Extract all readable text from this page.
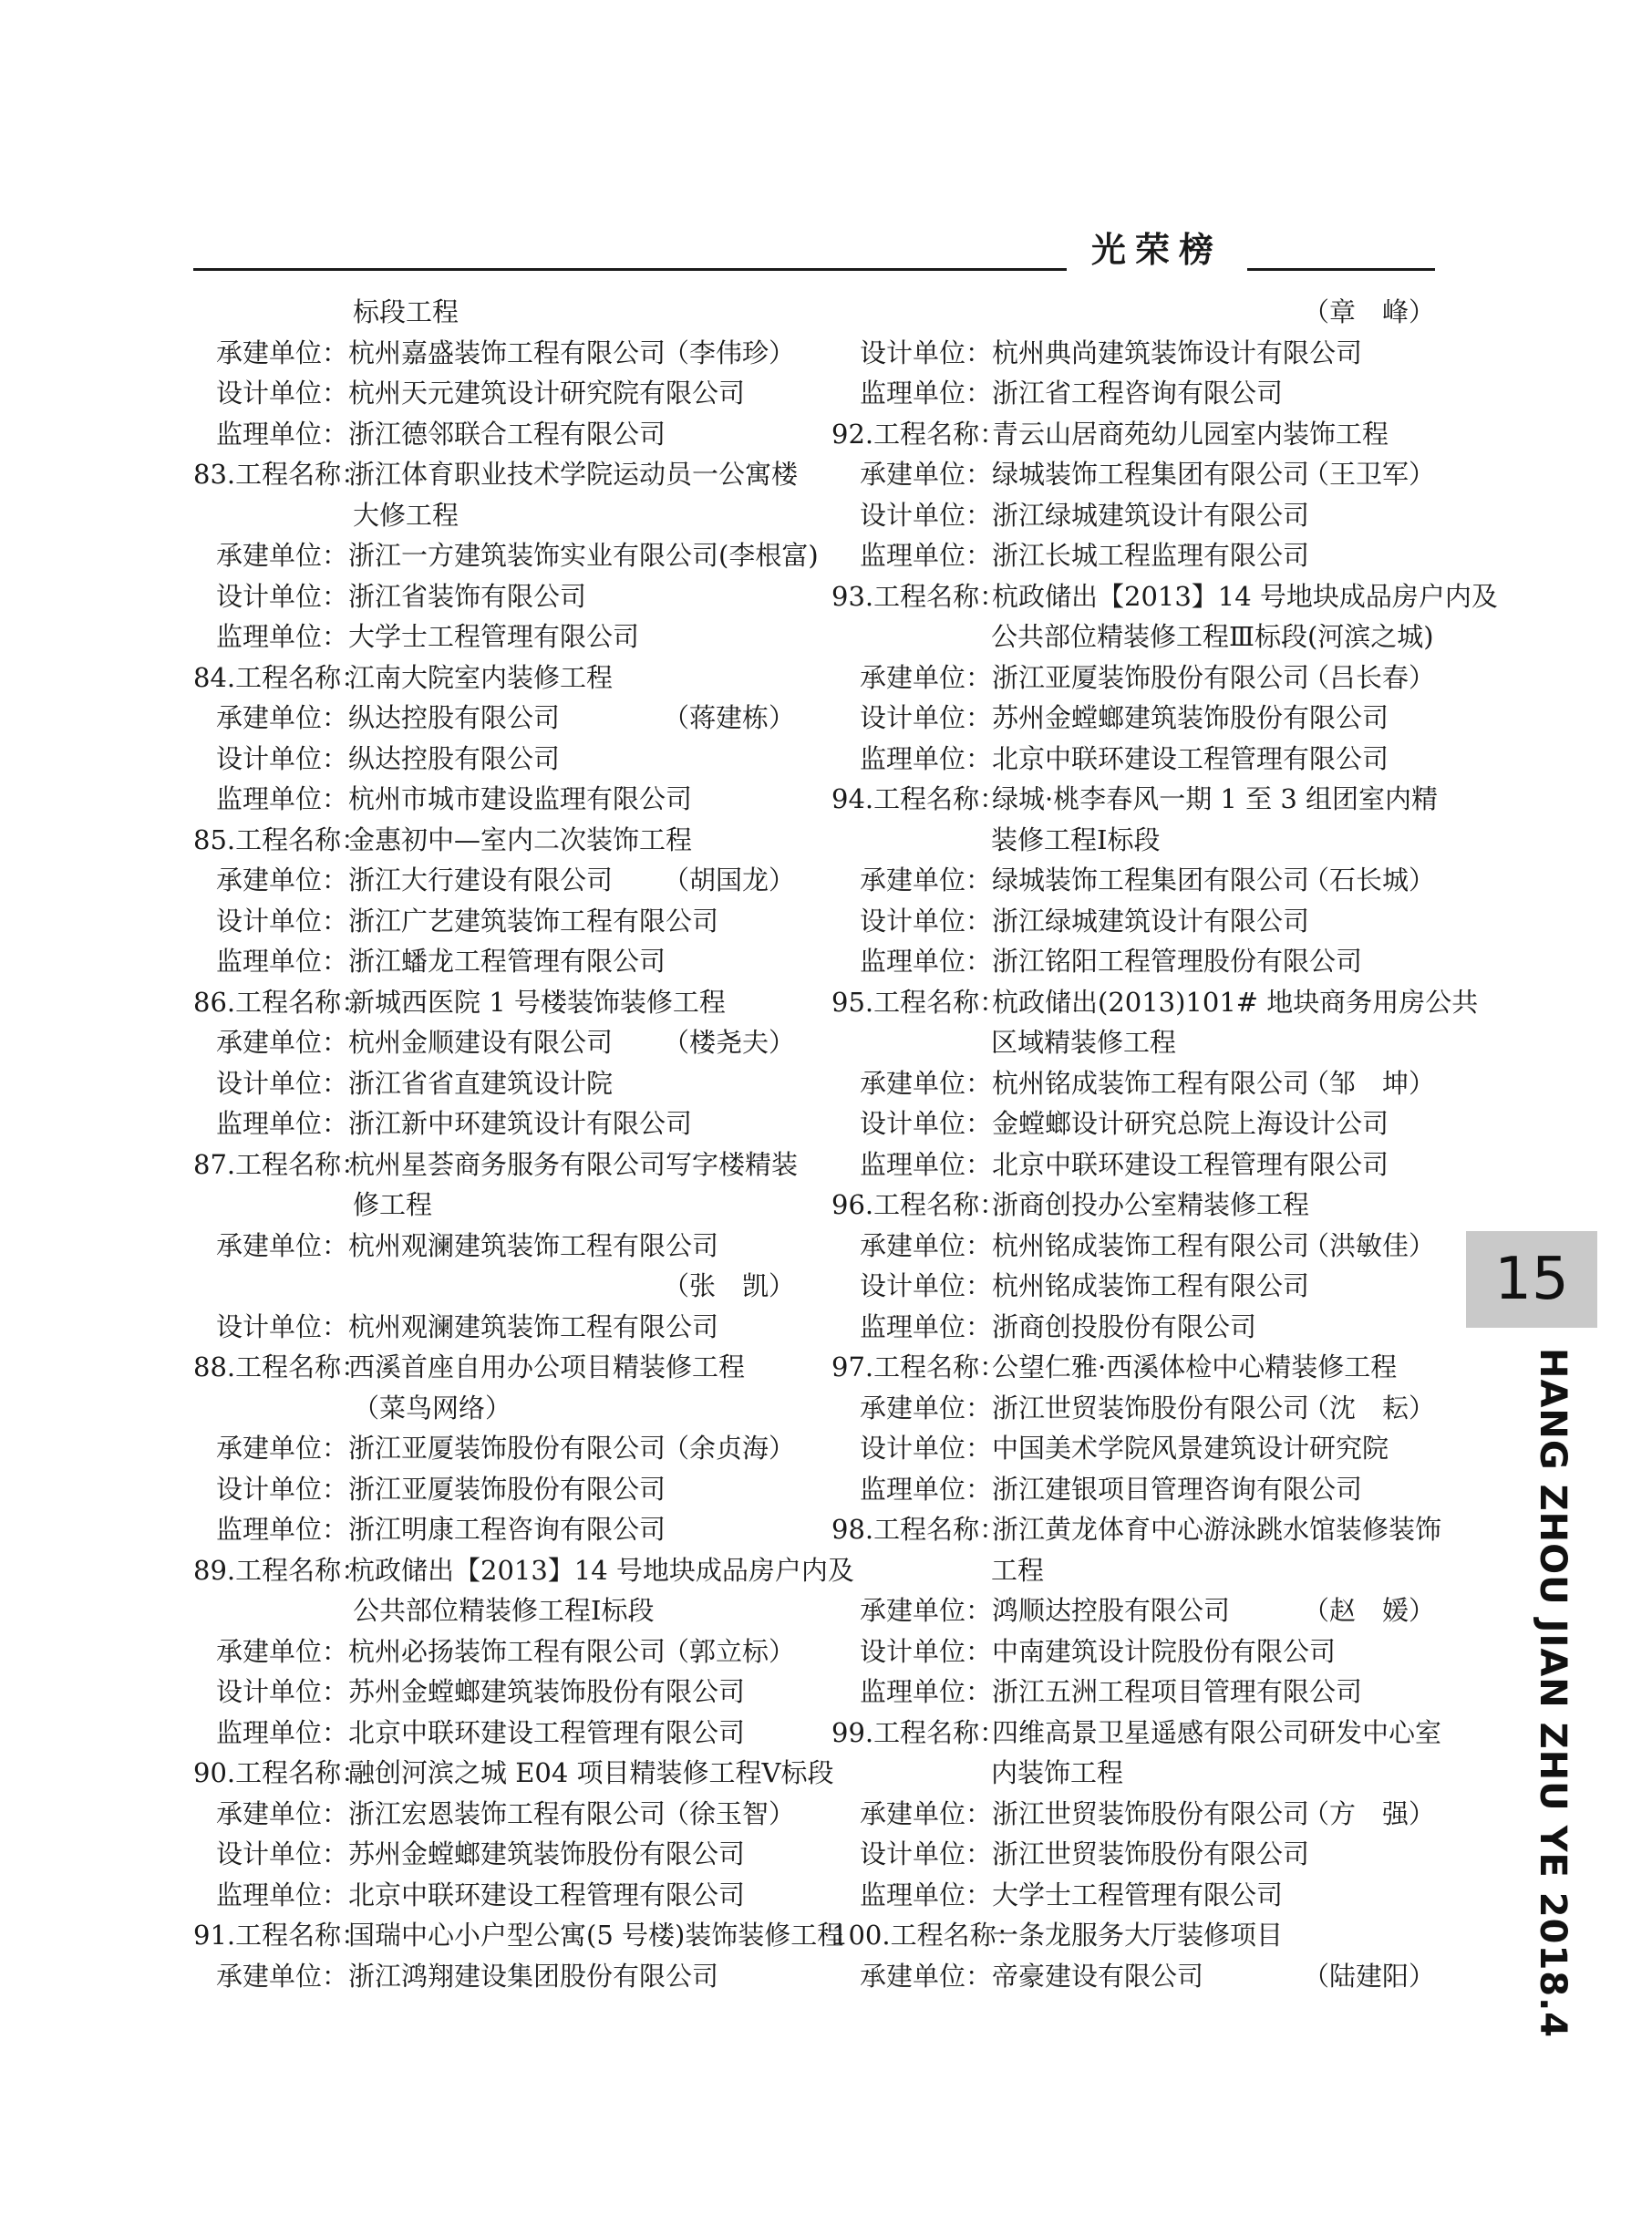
光荣榜
标段工程
承建单位：杭州嘉盛装饰工程有限公司
（李伟珍）
设计单位：杭州天元建筑设计研究院有限公司
监理单位：浙江德邻联合工程有限公司
83.工程名称：浙江体育职业技术学院运动员一公寓楼
大修工程
承建单位：浙江一方建筑装饰实业有限公司(李根富)
设计单位：浙江省装饰有限公司
监理单位：大学士工程管理有限公司
84.工程名称：江南大院室内装修工程
承建单位：纵达控股有限公司	（蒋建栋）
设计单位：纵达控股有限公司
监理单位：杭州市城市建设监理有限公司
85.工程名称：金惠初中—室内二次装饰工程
承建单位：浙江大行建设有限公司 （胡国龙）
设计单位：浙江广艺建筑装饰工程有限公司
监理单位：浙江蟠龙工程管理有限公司
86.工程名称：新城西医院 1 号楼装饰装修工程
承建单位：杭州金顺建设有限公司 （楼尧夫）
设计单位：浙江省省直建筑设计院
监理单位：浙江新中环建筑设计有限公司
87.工程名称：杭州星荟商务服务有限公司写字楼精装
修工程
承建单位：杭州观澜建筑装饰工程有限公司
（张　凯）
设计单位：杭州观澜建筑装饰工程有限公司
88.工程名称：西溪首座自用办公项目精装修工程
（菜鸟网络）
承建单位：浙江亚厦装饰股份有限公司
（余贞海）
设计单位：浙江亚厦装饰股份有限公司
监理单位：浙江明康工程咨询有限公司
89.工程名称：杭政储出【2013】14 号地块成品房户内及
公共部位精装修工程Ⅰ标段
承建单位：杭州必扬装饰工程有限公司
（郭立标）
设计单位：苏州金螳螂建筑装饰股份有限公司
监理单位：北京中联环建设工程管理有限公司
90.工程名称：融创河滨之城 E04 项目精装修工程Ⅴ标段
承建单位：浙江宏恩装饰工程有限公司
（徐玉智）
设计单位：苏州金螳螂建筑装饰股份有限公司
监理单位：北京中联环建设工程管理有限公司
91.工程名称：国瑞中心小户型公寓(5 号楼)装饰装修工程
承建单位：浙江鸿翔建设集团股份有限公司
（章　峰）
设计单位：杭州典尚建筑装饰设计有限公司
监理单位：浙江省工程咨询有限公司
92.工程名称：青云山居商苑幼儿园室内装饰工程
承建单位：绿城装饰工程集团有限公司
（王卫军）
设计单位：浙江绿城建筑设计有限公司
监理单位：浙江长城工程监理有限公司
93.工程名称：杭政储出【2013】14 号地块成品房户内及
公共部位精装修工程Ⅲ标段(河滨之城)
承建单位：浙江亚厦装饰股份有限公司
（吕长春）
设计单位：苏州金螳螂建筑装饰股份有限公司
监理单位：北京中联环建设工程管理有限公司
94.工程名称：绿城·桃李春风一期 1 至 3 组团室内精
装修工程Ⅰ标段
承建单位：绿城装饰工程集团有限公司
（石长城）
设计单位：浙江绿城建筑设计有限公司
监理单位：浙江铭阳工程管理股份有限公司
95.工程名称：杭政储出(2013)101# 地块商务用房公共
区域精装修工程
承建单位：杭州铭成装饰工程有限公司
（邹　坤）
设计单位：金螳螂设计研究总院上海设计公司
监理单位：北京中联环建设工程管理有限公司
96.工程名称：浙商创投办公室精装修工程
承建单位：杭州铭成装饰工程有限公司
（洪敏佳）
设计单位：杭州铭成装饰工程有限公司
监理单位：浙商创投股份有限公司
97.工程名称：公望仁雅·西溪体检中心精装修工程
承建单位：浙江世贸装饰股份有限公司
（沈　耘）
设计单位：中国美术学院风景建筑设计研究院
监理单位：浙江建银项目管理咨询有限公司
98.工程名称：浙江黄龙体育中心游泳跳水馆装修装饰
工程
承建单位：鸿顺达控股有限公司	（赵　媛）
设计单位：中南建筑设计院股份有限公司
监理单位：浙江五洲工程项目管理有限公司
99.工程名称：四维高景卫星遥感有限公司研发中心室
内装饰工程
承建单位：浙江世贸装饰股份有限公司
（方　强）
设计单位：浙江世贸装饰股份有限公司
监理单位：大学士工程管理有限公司
100.工程名称：一条龙服务大厅装修项目
承建单位：帝豪建设有限公司	（陆建阳）
15
HANG ZHOU JIAN ZHU YE 2018.4
